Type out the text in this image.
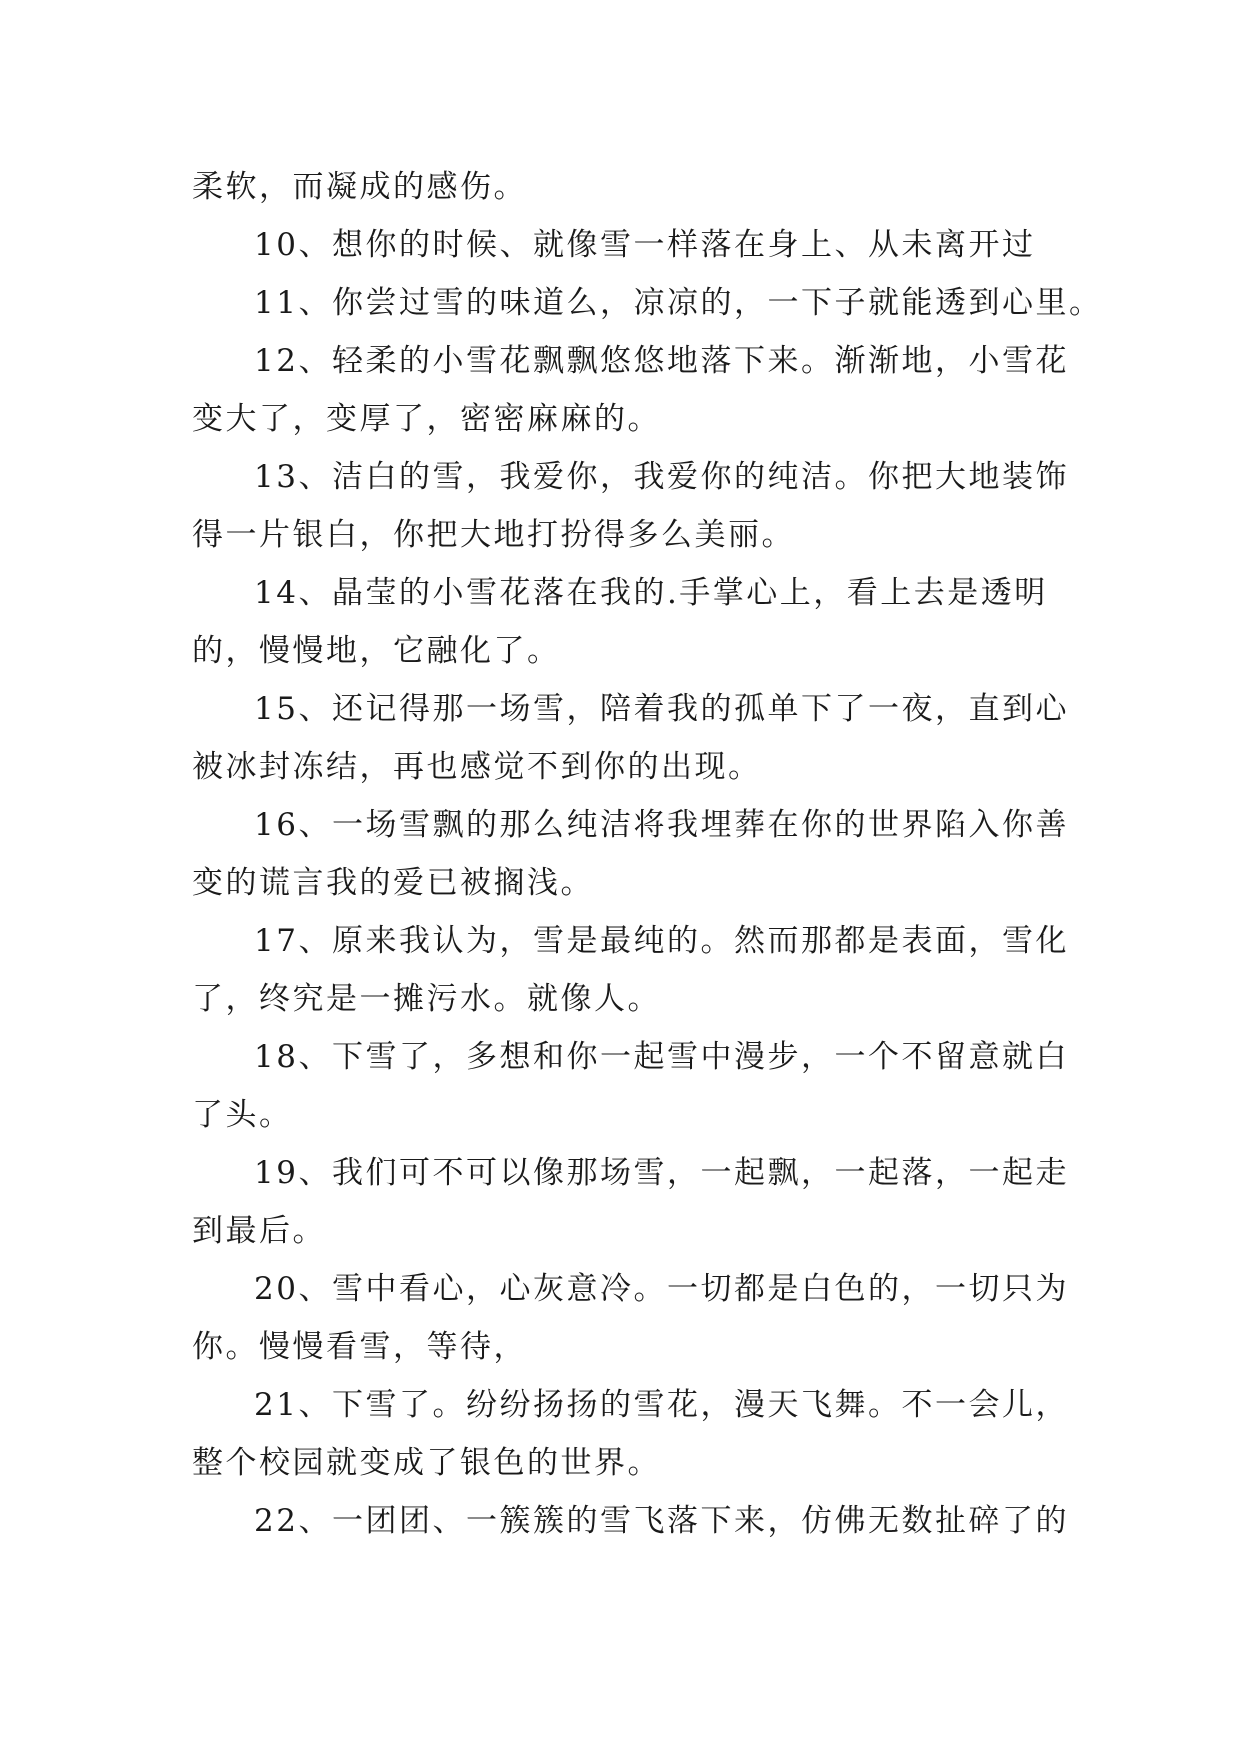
柔软，而凝成的感伤。
10、想你的时候、就像雪一样落在身上、从未离开过
11、你尝过雪的味道么，凉凉的，一下子就能透到心里。
12、轻柔的小雪花飘飘悠悠地落下来。渐渐地，小雪花
变大了，变厚了，密密麻麻的。
13、洁白的雪，我爱你，我爱你的纯洁。你把大地装饰
得一片银白，你把大地打扮得多么美丽。
14、晶莹的小雪花落在我的.手掌心上，看上去是透明
的，慢慢地，它融化了。
15、还记得那一场雪，陪着我的孤单下了一夜，直到心
被冰封冻结，再也感觉不到你的出现。
16、一场雪飘的那么纯洁将我埋葬在你的世界陷入你善
变的谎言我的爱已被搁浅。
17、原来我认为，雪是最纯的。然而那都是表面，雪化
了，终究是一摊污水。就像人。
18、下雪了，多想和你一起雪中漫步，一个不留意就白
了头。
19、我们可不可以像那场雪，一起飘，一起落，一起走
到最后。
20、雪中看心，心灰意冷。一切都是白色的，一切只为
你。慢慢看雪，等待，
21、下雪了。纷纷扬扬的雪花，漫天飞舞。不一会儿，
整个校园就变成了银色的世界。
22、一团团、一簇簇的雪飞落下来，仿佛无数扯碎了的
